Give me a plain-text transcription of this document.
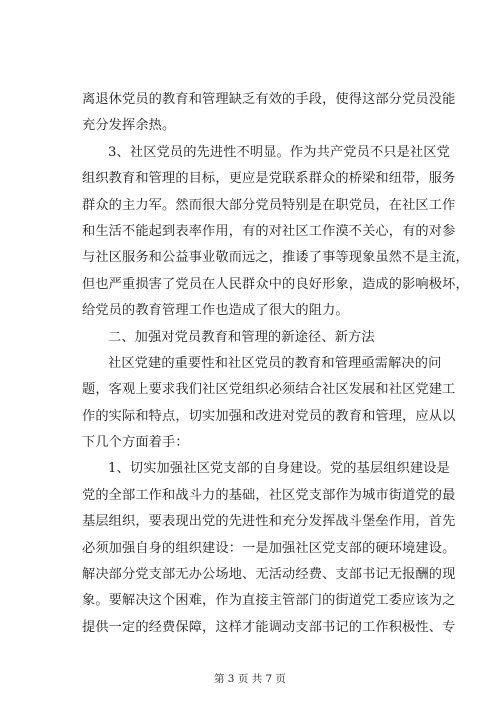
离退休党员的教育和管理缺乏有效的手段，使得这部分党员没能
充分发挥余热。
3、社区党员的先进性不明显。作为共产党员不只是社区党
组织教育和管理的目标，更应是党联系群众的桥梁和纽带，服务
群众的主力军。然而很大部分党员特别是在职党员，在社区工作
和生活不能起到表率作用，有的对社区工作漠不关心，有的对参
与社区服务和公益事业敬而远之，推诿了事等现象虽然不是主流，
但也严重损害了党员在人民群众中的良好形象，造成的影响极坏，
给党员的教育管理工作也造成了很大的阻力。
二、加强对党员教育和管理的新途径、新方法
社区党建的重要性和社区党员的教育和管理亟需解决的问
题，客观上要求我们社区党组织必须结合社区发展和社区党建工
作的实际和特点，切实加强和改进对党员的教育和管理，应从以
下几个方面着手：
1、切实加强社区党支部的自身建设。党的基层组织建设是
党的全部工作和战斗力的基础，社区党支部作为城市街道党的最
基层组织，要表现出党的先进性和充分发挥战斗堡垒作用，首先
必须加强自身的组织建设：一是加强社区党支部的硬环境建设。
解决部分党支部无办公场地、无活动经费、支部书记无报酬的现
象。要解决这个困难，作为直接主管部门的街道党工委应该为之
提供一定的经费保障，这样才能调动支部书记的工作积极性、专
第 3 页 共 7 页
